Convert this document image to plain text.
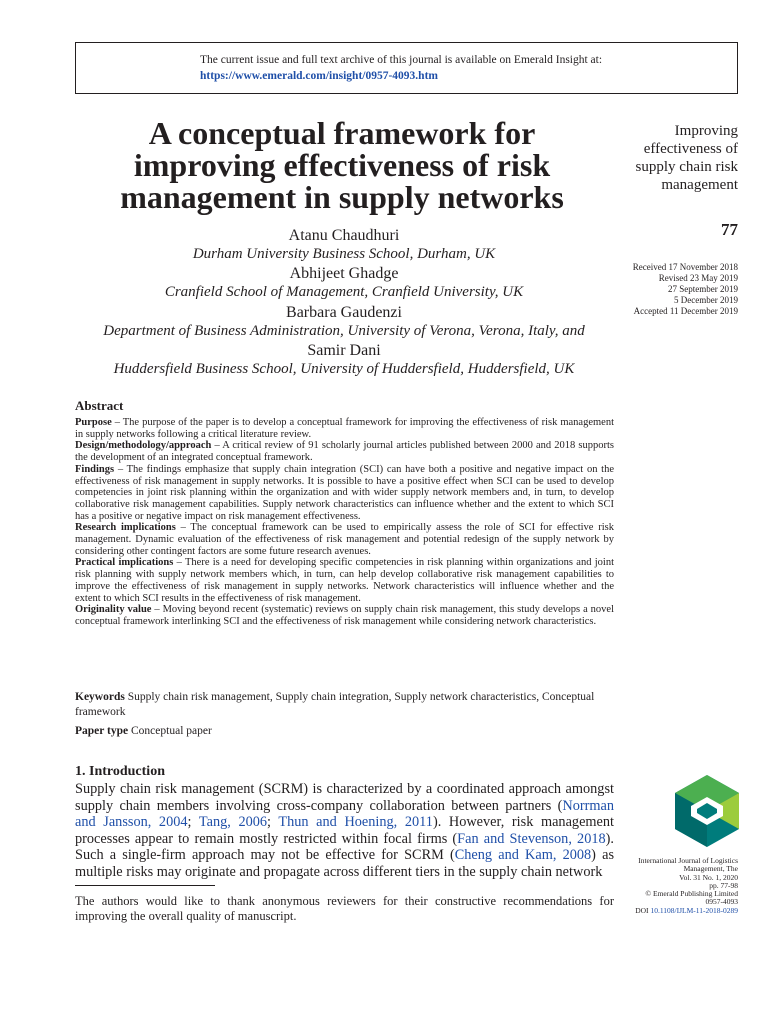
The current issue and full text archive of this journal is available on Emerald Insight at:
https://www.emerald.com/insight/0957-4093.htm
A conceptual framework for
improving effectiveness of risk
management in supply networks
Atanu Chaudhuri
Durham University Business School, Durham, UK
Abhijeet Ghadge
Cranfield School of Management, Cranfield University, UK
Barbara Gaudenzi
Department of Business Administration, University of Verona, Verona, Italy, and
Samir Dani
Huddersfield Business School, University of Huddersfield, Huddersfield, UK
Improving
effectiveness of
supply chain risk
management
77
Received 17 November 2018
Revised 23 May 2019
27 September 2019
5 December 2019
Accepted 11 December 2019
Abstract

Purpose – The purpose of the paper is to develop a conceptual framework for improving the effectiveness of risk management in supply networks following a critical literature review.

Design/methodology/approach – A critical review of 91 scholarly journal articles published between 2000 and 2018 supports the development of an integrated conceptual framework.

Findings – The findings emphasize that supply chain integration (SCI) can have both a positive and negative impact on the effectiveness of risk management in supply networks. It is possible to have a positive effect when SCI can be used to develop competencies in joint risk planning within the organization and with wider supply network members and, in turn, to develop collaborative risk management capabilities. Supply network characteristics can influence whether and the extent to which SCI has a positive or negative impact on risk management effectiveness.

Research implications – The conceptual framework can be used to empirically assess the role of SCI for effective risk management. Dynamic evaluation of the effectiveness of risk management and potential redesign of the supply network by considering other contingent factors are some future research avenues.

Practical implications – There is a need for developing specific competencies in risk planning within organizations and joint risk planning with supply network members which, in turn, can help develop collaborative risk management capabilities to improve the effectiveness of risk management in supply networks. Network characteristics will influence whether and the extent to which SCI results in the effectiveness of risk management.

Originality value – Moving beyond recent (systematic) reviews on supply chain risk management, this study develops a novel conceptual framework interlinking SCI and the effectiveness of risk management while considering network characteristics.

Keywords Supply chain risk management, Supply chain integration, Supply network characteristics, Conceptual framework

Paper type Conceptual paper

1. Introduction

Supply chain risk management (SCRM) is characterized by a coordinated approach amongst supply chain members involving cross-company collaboration between partners (Norrman and Jansson, 2004; Tang, 2006; Thun and Hoening, 2011). However, risk management processes appear to remain mostly restricted within focal firms (Fan and Stevenson, 2018). Such a single-firm approach may not be effective for SCRM (Cheng and Kam, 2008) as multiple risks may originate and propagate across different tiers in the supply chain network

The authors would like to thank anonymous reviewers for their constructive recommendations for improving the overall quality of manuscript.

International Journal of Logistics
Management, The
Vol. 31 No. 1, 2020
pp. 77-98
© Emerald Publishing Limited
0957-4093
DOI 10.1108/IJLM-11-2018-0289
